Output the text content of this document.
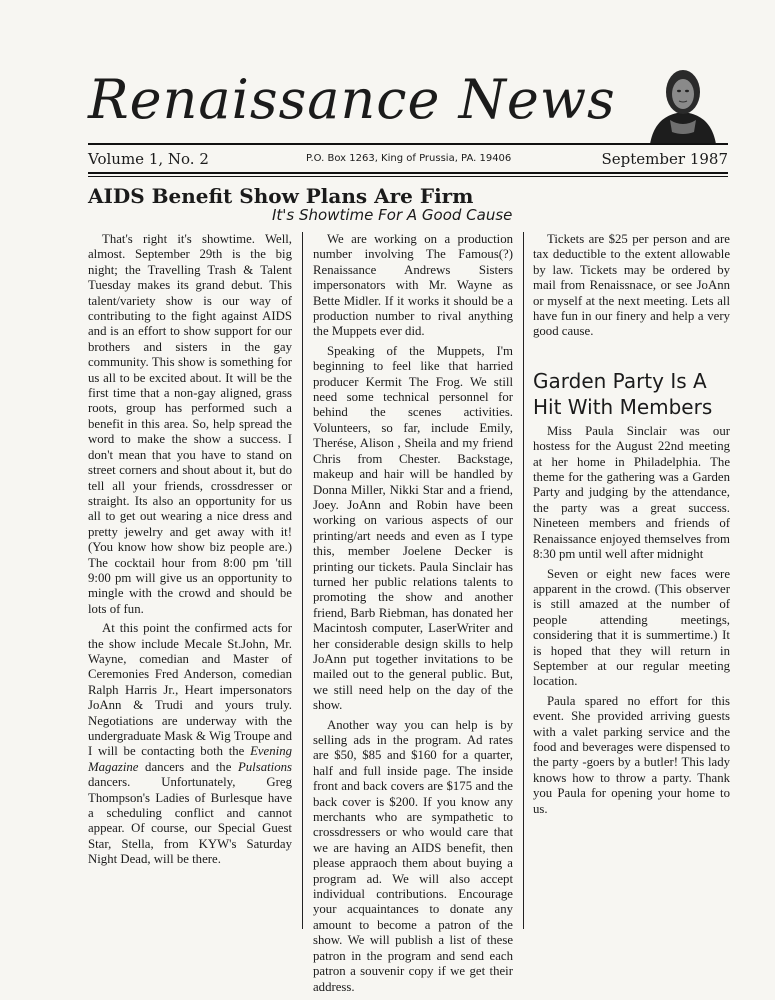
Renaissance News
Volume 1, No. 2	P.O. Box 1263, King of Prussia, PA. 19406	September 1987
AIDS Benefit Show Plans Are Firm
It's Showtime For A Good Cause

That's right it's showtime. Well, almost. September 29th is the big night; the Travelling Trash & Talent Tuesday makes its grand debut. This talent/variety show is our way of contributing to the fight against AIDS and is an effort to show support for our brothers and sisters in the gay community. This show is something for us all to be excited about. It will be the first time that a non-gay aligned, grass roots, group has performed such a benefit in this area. So, help spread the word to make the show a success. I don't mean that you have to stand on street corners and shout about it, but do tell all your friends, crossdresser or straight. Its also an opportunity for us all to get out wearing a nice dress and pretty jewelry and get away with it! (You know how show biz people are.) The cocktail hour from 8:00 pm 'till 9:00 pm will give us an opportunity to mingle with the crowd and should be lots of fun.

At this point the confirmed acts for the show include Mecale St.John, Mr. Wayne, comedian and Master of Ceremonies Fred Anderson, comedian Ralph Harris Jr., Heart impersonators JoAnn & Trudi and yours truly. Negotiations are underway with the undergraduate Mask & Wig Troupe and I will be contacting both the Evening Magazine dancers and the Pulsations dancers. Unfortunately, Greg Thompson's Ladies of Burlesque have a scheduling conflict and cannot appear. Of course, our Special Guest Star, Stella, from KYW's Saturday Night Dead, will be there.

We are working on a production number involving The Famous(?) Renaissance Andrews Sisters impersonators with Mr. Wayne as Bette Midler. If it works it should be a production number to rival anything the Muppets ever did.

Speaking of the Muppets, I'm beginning to feel like that harried producer Kermit The Frog. We still need some technical personnel for behind the scenes activities. Volunteers, so far, include Emily, Therése, Alison , Sheila and my friend Chris from Chester. Backstage, makeup and hair will be handled by Donna Miller, Nikki Star and a friend, Joey. JoAnn and Robin have been working on various aspects of our printing/art needs and even as I type this, member Joelene Decker is printing our tickets. Paula Sinclair has turned her public relations talents to promoting the show and another friend, Barb Riebman, has donated her Macintosh computer, LaserWriter and her considerable design skills to help JoAnn put together invitations to be mailed out to the general public. But, we still need help on the day of the show.

Another way you can help is by selling ads in the program. Ad rates are $50, $85 and $160 for a quarter, half and full inside page. The inside front and back covers are $175 and the back cover is $200. If you know any merchants who are sympathetic to crossdressers or who would care that we are having an AIDS benefit, then please appraoch them about buying a program ad. We will also accept individual contributions. Encourage your acquaintances to donate any amount to become a patron of the show. We will publish a list of these patron in the program and send each patron a souvenir copy if we get their address.

Tickets are $25 per person and are tax deductible to the extent allowable by law. Tickets may be ordered by mail from Renaissnace, or see JoAnn or myself at the next meeting. Lets all have fun in our finery and help a very good cause.

Garden Party Is A Hit With Members

Miss Paula Sinclair was our hostess for the August 22nd meeting at her home in Philadelphia. The theme for the gathering was a Garden Party and judging by the attendance, the party was a great success. Nineteen members and friends of Renaissance enjoyed themselves from 8:30 pm until well after midnight

Seven or eight new faces were apparent in the crowd. (This observer is still amazed at the number of people attending meetings, considering that it is summertime.) It is hoped that they will return in September at our regular meeting location.

Paula spared no effort for this event. She provided arriving guests with a valet parking service and the food and beverages were dispensed to the party -goers by a butler! This lady knows how to throw a party. Thank you Paula for opening your home to us.
